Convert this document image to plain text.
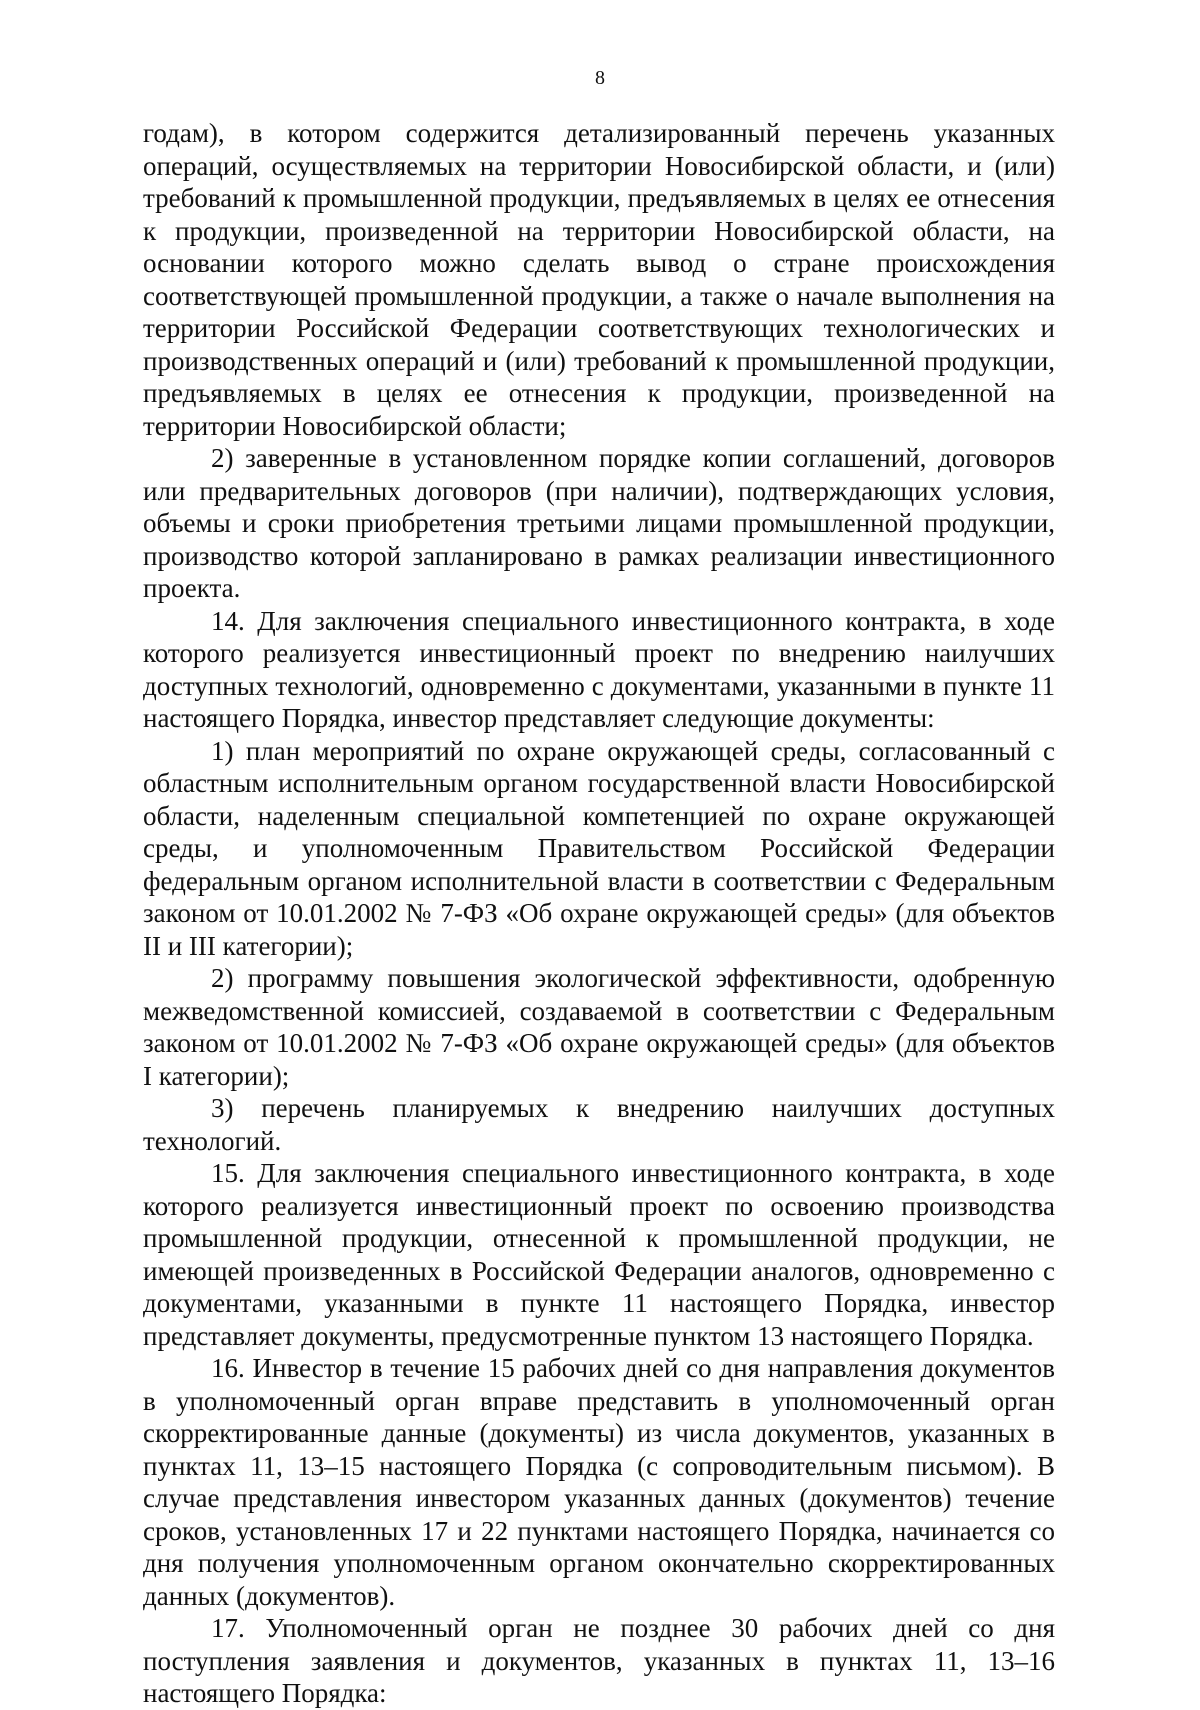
8

годам), в котором содержится детализированный перечень указанных операций, осуществляемых на территории Новосибирской области, и (или) требований к промышленной продукции, предъявляемых в целях ее отнесения к продукции, произведенной на территории Новосибирской области, на основании которого можно сделать вывод о стране происхождения соответствующей промышленной продукции, а также о начале выполнения на территории Российской Федерации соответствующих технологических и производственных операций и (или) требований к промышленной продукции, предъявляемых в целях ее отнесения к продукции, произведенной на территории Новосибирской области;

2) заверенные в установленном порядке копии соглашений, договоров или предварительных договоров (при наличии), подтверждающих условия, объемы и сроки приобретения третьими лицами промышленной продукции, производство которой запланировано в рамках реализации инвестиционного проекта.

14. Для заключения специального инвестиционного контракта, в ходе которого реализуется инвестиционный проект по внедрению наилучших доступных технологий, одновременно с документами, указанными в пункте 11 настоящего Порядка, инвестор представляет следующие документы:

1) план мероприятий по охране окружающей среды, согласованный с областным исполнительным органом государственной власти Новосибирской области, наделенным специальной компетенцией по охране окружающей среды, и уполномоченным Правительством Российской Федерации федеральным органом исполнительной власти в соответствии с Федеральным законом от 10.01.2002 № 7-ФЗ «Об охране окружающей среды» (для объектов II и III категории);

2) программу повышения экологической эффективности, одобренную межведомственной комиссией, создаваемой в соответствии с Федеральным законом от 10.01.2002 № 7-ФЗ «Об охране окружающей среды» (для объектов I категории);

3) перечень планируемых к внедрению наилучших доступных технологий.

15. Для заключения специального инвестиционного контракта, в ходе которого реализуется инвестиционный проект по освоению производства промышленной продукции, отнесенной к промышленной продукции, не имеющей произведенных в Российской Федерации аналогов, одновременно с документами, указанными в пункте 11 настоящего Порядка, инвестор представляет документы, предусмотренные пунктом 13 настоящего Порядка.

16. Инвестор в течение 15 рабочих дней со дня направления документов в уполномоченный орган вправе представить в уполномоченный орган скорректированные данные (документы) из числа документов, указанных в пунктах 11, 13–15 настоящего Порядка (с сопроводительным письмом). В случае представления инвестором указанных данных (документов) течение сроков, установленных 17 и 22 пунктами настоящего Порядка, начинается со дня получения уполномоченным органом окончательно скорректированных данных (документов).

17. Уполномоченный орган не позднее 30 рабочих дней со дня поступления заявления и документов, указанных в пунктах 11, 13–16 настоящего Порядка:
